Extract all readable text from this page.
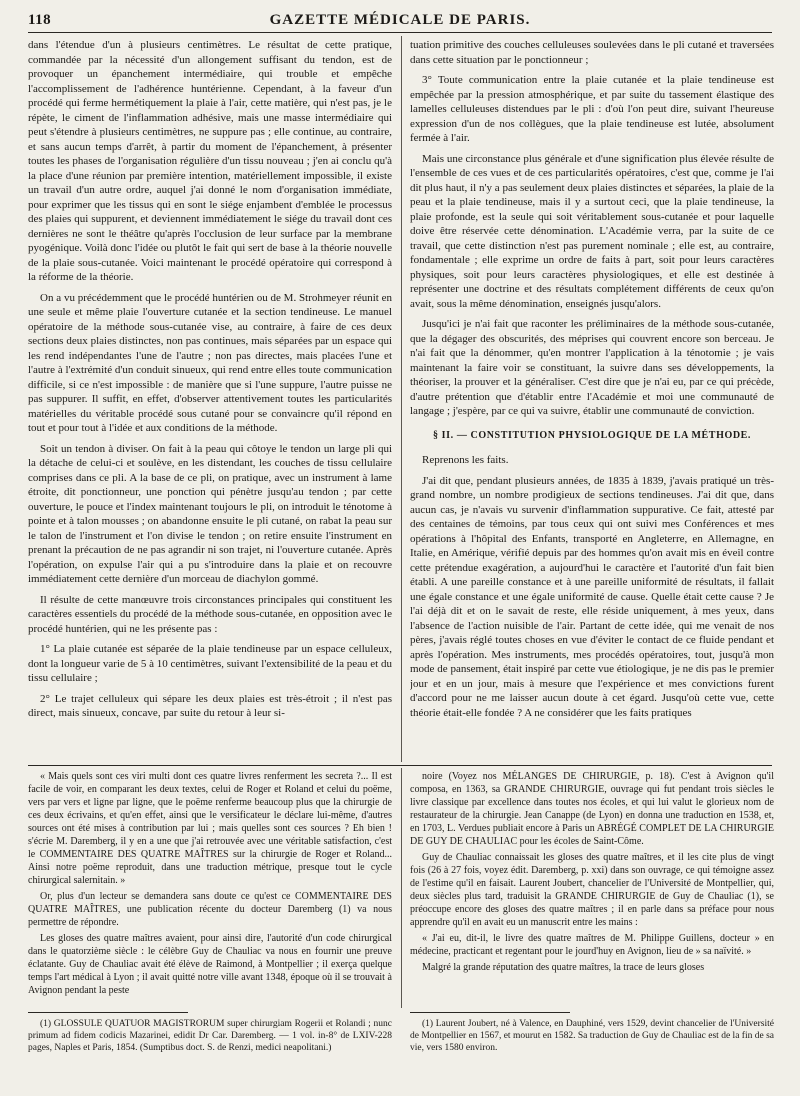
118	GAZETTE MÉDICALE DE PARIS.

dans l'étendue d'un à plusieurs centimètres. Le résultat de cette pratique, commandée par la nécessité d'un allongement suffisant du tendon, est de provoquer un épanchement intermédiaire, qui trouble et empêche l'accomplissement de l'adhérence huntérienne. Cependant, à la faveur d'un procédé qui ferme hermétiquement la plaie à l'air, cette matière, qui n'est pas, je le répète, le ciment de l'inflammation adhésive, mais une masse intermédiaire qui peut s'étendre à plusieurs centimètres, ne suppure pas ; elle continue, au contraire, et sans aucun temps d'arrêt, à partir du moment de l'épanchement, à présenter toutes les phases de l'organisation régulière d'un tissu nouveau ; j'en ai conclu qu'à la place d'une réunion par première intention, matériellement impossible, il existe un travail d'un autre ordre, auquel j'ai donné le nom d'organisation immédiate, pour exprimer que les tissus qui en sont le siége enjambent d'emblée le processus des plaies qui suppurent, et deviennent immédiatement le siége du travail dont ces dernières ne sont le théâtre qu'après l'occlusion de leur surface par la membrane pyogénique. Voilà donc l'idée ou plutôt le fait qui sert de base à la théorie nouvelle de la plaie sous-cutanée. Voici maintenant le procédé opératoire qui correspond à la réforme de la théorie.

On a vu précédemment que le procédé huntérien ou de M. Strohmeyer réunit en une seule et même plaie l'ouverture cutanée et la section tendineuse. Le manuel opératoire de la méthode sous-cutanée vise, au contraire, à faire de ces deux sections deux plaies distinctes, non pas continues, mais séparées par un espace qui les rend indépendantes l'une de l'autre ; non pas directes, mais placées l'une et l'autre à l'extrémité d'un conduit sinueux, qui rend entre elles toute communication difficile, si ce n'est impossible : de manière que si l'une suppure, l'autre puisse ne pas suppurer. Il suffit, en effet, d'observer attentivement toutes les particularités matérielles du véritable procédé sous cutané pour se convaincre qu'il répond en tout et pour tout à l'idée et aux conditions de la méthode.

Soit un tendon à diviser. On fait à la peau qui côtoye le tendon un large pli qui la détache de celui-ci et soulève, en les distendant, les couches de tissu cellulaire comprises dans ce pli. A la base de ce pli, on pratique, avec un instrument à lame étroite, dit ponctionneur, une ponction qui pénètre jusqu'au tendon ; par cette ouverture, le pouce et l'index maintenant toujours le pli, on introduit le ténotome à pointe et à talon mousses ; on abandonne ensuite le pli cutané, on rabat la peau sur le talon de l'instrument et l'on divise le tendon ; on retire ensuite l'instrument en prenant la précaution de ne pas agrandir ni son trajet, ni l'ouverture cutanée. Après l'opération, on expulse l'air qui a pu s'introduire dans la plaie et on recouvre immédiatement cette dernière d'un morceau de diachylon gommé.

Il résulte de cette manœuvre trois circonstances principales qui constituent les caractères essentiels du procédé de la méthode sous-cutanée, en opposition avec le procédé huntérien, qui ne les présente pas :

1° La plaie cutanée est séparée de la plaie tendineuse par un espace celluleux, dont la longueur varie de 5 à 10 centimètres, suivant l'extensibilité de la peau et du tissu cellulaire ;

2° Le trajet celluleux qui sépare les deux plaies est très-étroit ; il n'est pas direct, mais sinueux, concave, par suite du retour à leur si-

tuation primitive des couches celluleuses soulevées dans le pli cutané et traversées dans cette situation par le ponctionneur ;

3° Toute communication entre la plaie cutanée et la plaie tendineuse est empêchée par la pression atmosphérique, et par suite du tassement élastique des lamelles celluleuses distendues par le pli : d'où l'on peut dire, suivant l'heureuse expression d'un de nos collègues, que la plaie tendineuse est lutée, absolument fermée à l'air.

Mais une circonstance plus générale et d'une signification plus élevée résulte de l'ensemble de ces vues et de ces particularités opératoires, c'est que, comme je l'ai dit plus haut, il n'y a pas seulement deux plaies distinctes et séparées, la plaie de la peau et la plaie tendineuse, mais il y a surtout ceci, que la plaie tendineuse, la plaie profonde, est la seule qui soit véritablement sous-cutanée et pour laquelle doive être réservée cette dénomination. L'Académie verra, par la suite de ce travail, que cette distinction n'est pas purement nominale ; elle est, au contraire, fondamentale ; elle exprime un ordre de faits à part, soit pour leurs caractères physiques, soit pour leurs caractères physiologiques, et elle est destinée à représenter une doctrine et des résultats complétement différents de ceux qu'on avait, sous la même dénomination, enseignés jusqu'alors.

Jusqu'ici je n'ai fait que raconter les préliminaires de la méthode sous-cutanée, que la dégager des obscurités, des méprises qui couvrent encore son berceau. Je n'ai fait que la dénommer, qu'en montrer l'application à la ténotomie ; je vais maintenant la faire voir se constituant, la suivre dans ses développements, la théoriser, la prouver et la généraliser. C'est dire que je n'ai eu, par ce qui précède, d'autre prétention que d'établir entre l'Académie et moi une communauté de langage ; j'espère, par ce qui va suivre, établir une communauté de conviction.

§ II. — CONSTITUTION PHYSIOLOGIQUE DE LA MÉTHODE.

Reprenons les faits.

J'ai dit que, pendant plusieurs années, de 1835 à 1839, j'avais pratiqué un très-grand nombre, un nombre prodigieux de sections tendineuses. J'ai dit que, dans aucun cas, je n'avais vu survenir d'inflammation suppurative. Ce fait, attesté par des centaines de témoins, par tous ceux qui ont suivi mes Conférences et mes opérations à l'hôpital des Enfants, transporté en Angleterre, en Allemagne, en Italie, en Amérique, vérifié depuis par des hommes qu'on avait mis en éveil contre cette prétendue exagération, a aujourd'hui le caractère et l'autorité d'un fait bien établi. A une pareille constance et à une pareille uniformité de résultats, il fallait une égale constance et une égale uniformité de cause. Quelle était cette cause ? Je l'ai déjà dit et on le savait de reste, elle réside uniquement, à mes yeux, dans l'absence de l'action nuisible de l'air. Partant de cette idée, qui me venait de nos pères, j'avais réglé toutes choses en vue d'éviter le contact de ce fluide pendant et après l'opération. Mes instruments, mes procédés opératoires, tout, jusqu'à mon mode de pansement, était inspiré par cette vue étiologique, je ne dis pas le premier jour et en un jour, mais à mesure que l'expérience et mes convictions furent d'accord pour ne me laisser aucun doute à cet égard. Jusqu'où cette vue, cette théorie était-elle fondée ? A ne considérer que les faits pratiques

« Mais quels sont ces viri multi dont ces quatre livres renferment les secreta ?... Il est facile de voir, en comparant les deux textes, celui de Roger et Roland et celui du poëme, vers par vers et ligne par ligne, que le poëme renferme beaucoup plus que la chirurgie de ces deux écrivains, et qu'en effet, ainsi que le versificateur le déclare lui-même, d'autres sources ont été mises à contribution par lui ; mais quelles sont ces sources ? Eh bien ! s'écrie M. Daremberg, il y en a une que j'ai retrouvée avec une véritable satisfaction, c'est le COMMENTAIRE DES QUATRE MAÎTRES sur la chirurgie de Roger et Roland... Ainsi notre poëme reproduit, dans une traduction métrique, presque tout le cycle chirurgical salernitain. »

Or, plus d'un lecteur se demandera sans doute ce qu'est ce COMMENTAIRE DES QUATRE MAÎTRES, une publication récente du docteur Daremberg (1) va nous permettre de répondre.

Les gloses des quatre maîtres avaient, pour ainsi dire, l'autorité d'un code chirurgical dans le quatorzième siècle : le célèbre Guy de Chauliac va nous en fournir une preuve éclatante. Guy de Chauliac avait été élève de Raimond, à Montpellier ; il exerça quelque temps l'art médical à Lyon ; il avait quitté notre ville avant 1348, époque où il se trouvait à Avignon pendant la peste

noire (Voyez nos MÉLANGES DE CHIRURGIE, p. 18). C'est à Avignon qu'il composa, en 1363, sa GRANDE CHIRURGIE, ouvrage qui fut pendant trois siècles le livre classique par excellence dans toutes nos écoles, et qui lui valut le glorieux nom de restaurateur de la chirurgie. Jean Canappe (de Lyon) en donna une traduction en 1538, et, en 1703, L. Verdues publiait encore à Paris un ABRÉGÉ COMPLET DE LA CHIRURGIE DE GUY DE CHAULIAC pour les écoles de Saint-Côme.

Guy de Chauliac connaissait les gloses des quatre maîtres, et il les cite plus de vingt fois (26 à 27 fois, voyez édit. Daremberg, p. xxi) dans son ouvrage, ce qui témoigne assez de l'estime qu'il en faisait. Laurent Joubert, chancelier de l'Université de Montpellier, qui, deux siècles plus tard, traduisit la GRANDE CHIRURGIE de Guy de Chauliac (1), se préoccupe encore des gloses des quatre maîtres ; il en parle dans sa préface pour nous apprendre qu'il en avait eu un manuscrit entre les mains :

« J'ai eu, dit-il, le livre des quatre maîtres de M. Philippe Guillens, docteur » en médecine, practicant et regentant pour le jourd'huy en Avignon, lieu de » sa naïvité. »

Malgré la grande réputation des quatre maîtres, la trace de leurs gloses

(1) GLOSSULE QUATUOR MAGISTRORUM super chirurgiam Rogerii et Rolandi ; nunc primum ad fidem codicis Mazarinei, edidit Dr Car. Daremberg. — 1 vol. in-8° de LXIV-228 pages, Naples et Paris, 1854. (Sumptibus doct. S. de Renzi, medici neapolitani.)

(1) Laurent Joubert, né à Valence, en Dauphiné, vers 1529, devint chancelier de l'Université de Montpellier en 1567, et mourut en 1582. Sa traduction de Guy de Chauliac est de la fin de sa vie, vers 1580 environ.
